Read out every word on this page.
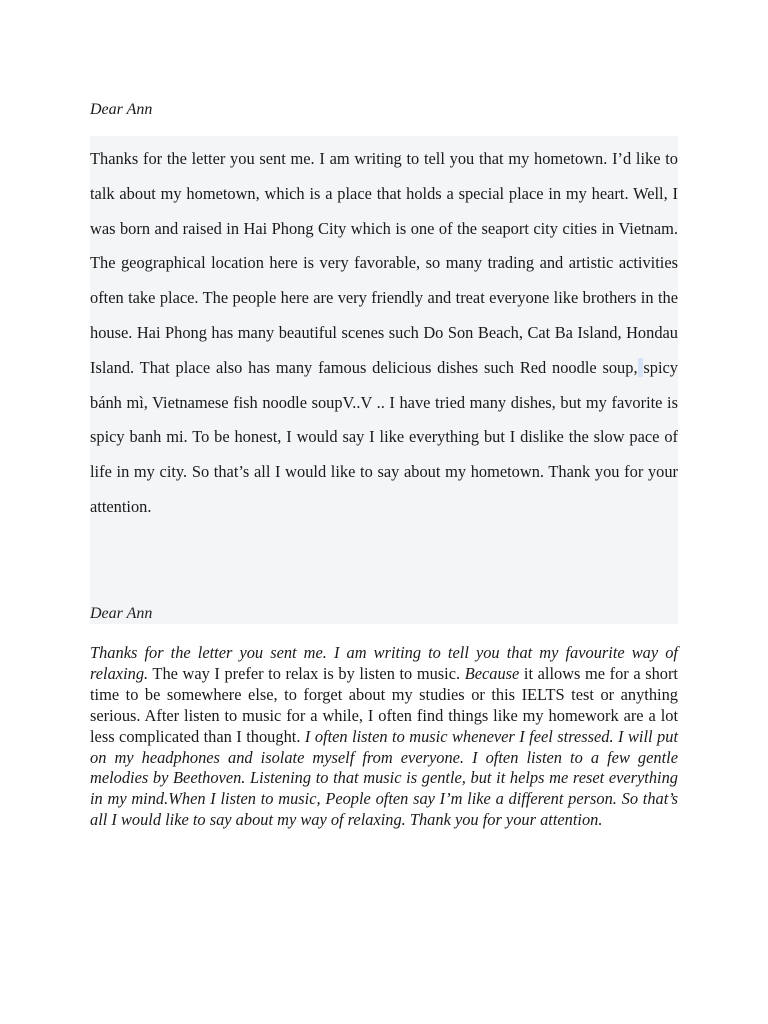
Dear Ann

Thanks for the letter you sent me. I am writing to tell you that my hometown. I’d like to talk about my hometown, which is a place that holds a special place in my heart. Well, I was born and raised in Hai Phong City which is one of the seaport city cities in Vietnam. The geographical location here is very favorable, so many trading and artistic activities often take place. The people here are very friendly and treat everyone like brothers in the house. Hai Phong has many beautiful scenes such Do Son Beach, Cat Ba Island, Hondau Island. That place also has many famous delicious dishes such Red noodle soup, spicy bánh mì, Vietnamese fish noodle soupV..V .. I have tried many dishes, but my favorite is spicy banh mi. To be honest, I would say I like everything but I dislike the slow pace of life in my city. So that’s all I would like to say about my hometown. Thank you for your attention.

Dear Ann

Thanks for the letter you sent me. I am writing to tell you that my favourite way of relaxing. The way I prefer to relax is by listen to music. Because it allows me for a short time to be somewhere else, to forget about my studies or this IELTS test or anything serious. After listen to music for a while, I often find things like my homework are a lot less complicated than I thought. I often listen to music whenever I feel stressed. I will put on my headphones and isolate myself from everyone. I often listen to a few gentle melodies by Beethoven. Listening to that music is gentle, but it helps me reset everything in my mind.When I listen to music, People often say I’m like a different person. So that’s all I would like to say about my way of relaxing. Thank you for your attention.
